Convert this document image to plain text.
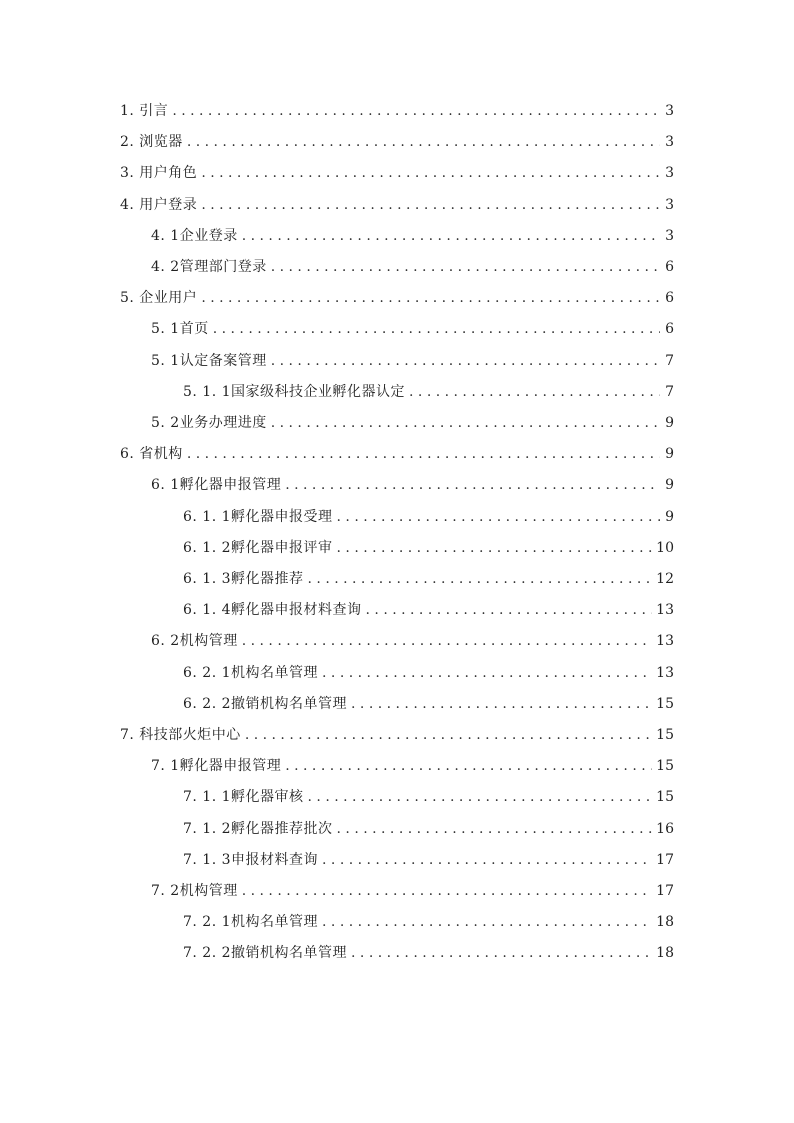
1. 引言 . . .	3
2. 浏览器 . . .	3
3. 用户角色 . . .	3
4. 用户登录 . . .	3
4. 1企业登录 . . .	3
4. 2管理部门登录 . . .	6
5. 企业用户 . . .	6
5. 1首页 . . .	6
5. 1认定备案管理 . . .	7
5. 1. 1国家级科技企业孵化器认定 . . .	7
5. 2业务办理进度 . . .	9
6. 省机构 . . .	9
6. 1孵化器申报管理 . . .	9
6. 1. 1孵化器申报受理 . . .	9
6. 1. 2孵化器申报评审 . . .	10
6. 1. 3孵化器推荐 . . .	12
6. 1. 4孵化器申报材料查询 . . .	13
6. 2机构管理 . . .	13
6. 2. 1机构名单管理 . . .	13
6. 2. 2撤销机构名单管理 . . .	15
7. 科技部火炬中心 . . .	15
7. 1孵化器申报管理 . . .	15
7. 1. 1孵化器审核 . . .	15
7. 1. 2孵化器推荐批次 . . .	16
7. 1. 3申报材料查询 . . .	17
7. 2机构管理 . . .	17
7. 2. 1机构名单管理 . . .	18
7. 2. 2撤销机构名单管理 . . .	18
